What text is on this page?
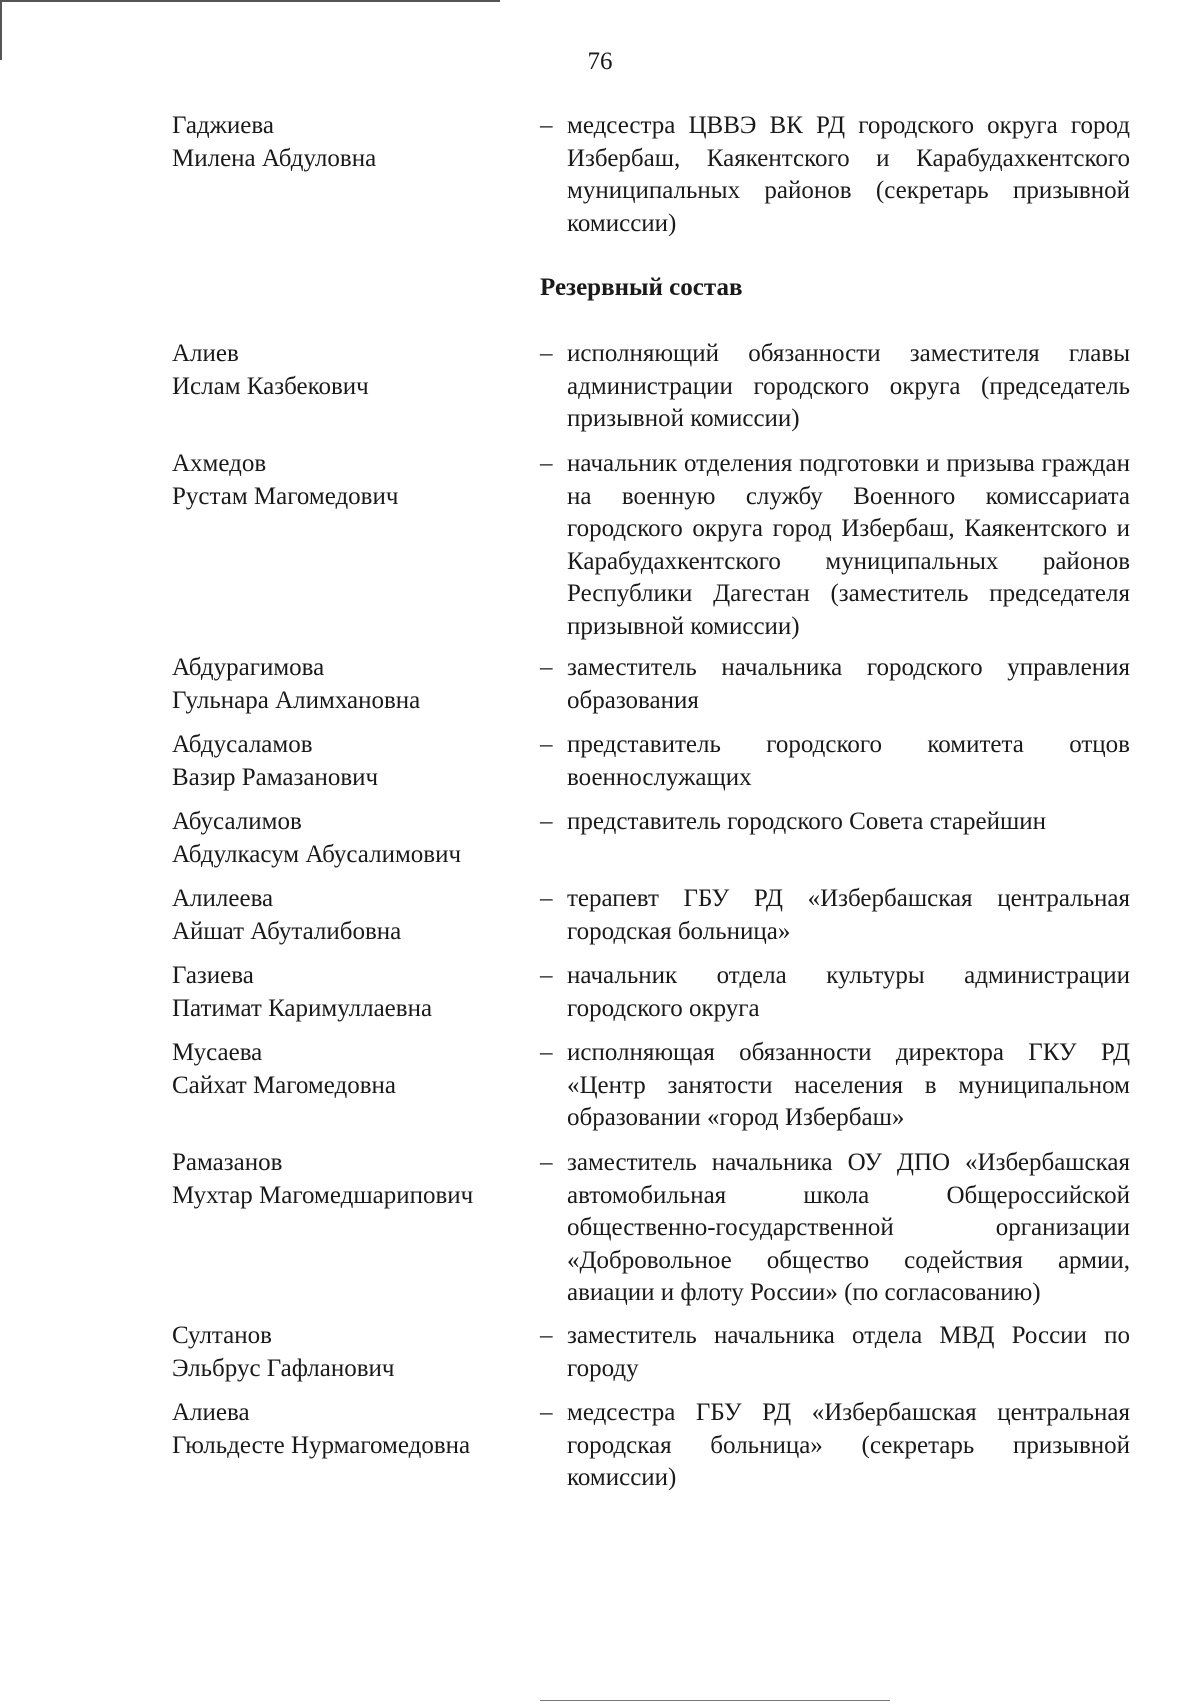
76
Гаджиева
Милена Абдуловна
– медсестра ЦВВЭ ВК РД городского округа город Избербаш, Каякентского и Карабудахкентского муниципальных районов (секретарь призывной комиссии)
Резервный состав
Алиев
Ислам Казбекович
– исполняющий обязанности заместителя главы администрации городского округа (председатель призывной комиссии)
Ахмедов
Рустам Магомедович
– начальник отделения подготовки и призыва граждан на военную службу Военного комиссариата городского округа город Избербаш, Каякентского и Карабудахкентского муниципальных районов Республики Дагестан (заместитель председателя призывной комиссии)
Абдурагимова
Гульнара Алимхановна
– заместитель начальника городского управления образования
Абдусаламов
Вазир Рамазанович
– представитель городского комитета отцов военнослужащих
Абусалимов
Абдулкасум Абусалимович
– представитель городского Совета старейшин
Алилеева
Айшат Абуталибовна
– терапевт ГБУ РД «Избербашская центральная городская больница»
Газиева
Патимат Каримуллаевна
– начальник отдела культуры администрации городского округа
Мусаева
Сайхат Магомедовна
– исполняющая обязанности директора ГКУ РД «Центр занятости населения в муниципальном образовании «город Избербаш»
Рамазанов
Мухтар Магомедшарипович
– заместитель начальника ОУ ДПО «Избербашская автомобильная школа Общероссийской общественно-государственной организации «Добровольное общество содействия армии, авиации и флоту России» (по согласованию)
Султанов
Эльбрус Гафланович
– заместитель начальника отдела МВД России по городу
Алиева
Гюльдесте Нурмагомедовна
– медсестра ГБУ РД «Избербашская центральная городская больница» (секретарь призывной комиссии)
